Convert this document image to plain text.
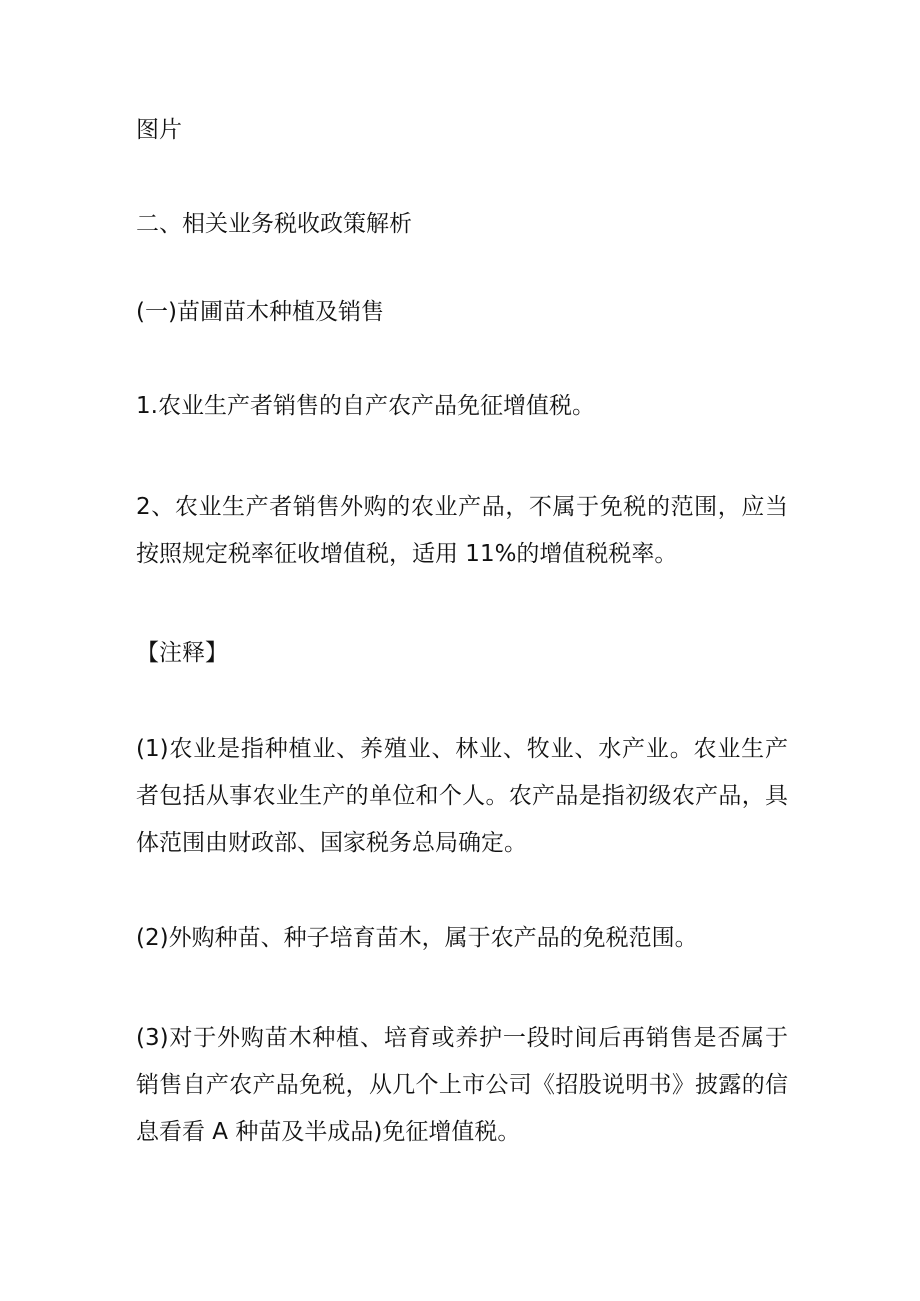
图片

二、相关业务税收政策解析

(一)苗圃苗木种植及销售

1.农业生产者销售的自产农产品免征增值税。

2、农业生产者销售外购的农业产品，不属于免税的范围，应当按照规定税率征收增值税，适用 11%的增值税税率。

【注释】

(1)农业是指种植业、养殖业、林业、牧业、水产业。农业生产者包括从事农业生产的单位和个人。农产品是指初级农产品，具体范围由财政部、国家税务总局确定。

(2)外购种苗、种子培育苗木，属于农产品的免税范围。

(3)对于外购苗木种植、培育或养护一段时间后再销售是否属于销售自产农产品免税，从几个上市公司《招股说明书》披露的信息看看 A 种苗及半成品)免征增值税。
